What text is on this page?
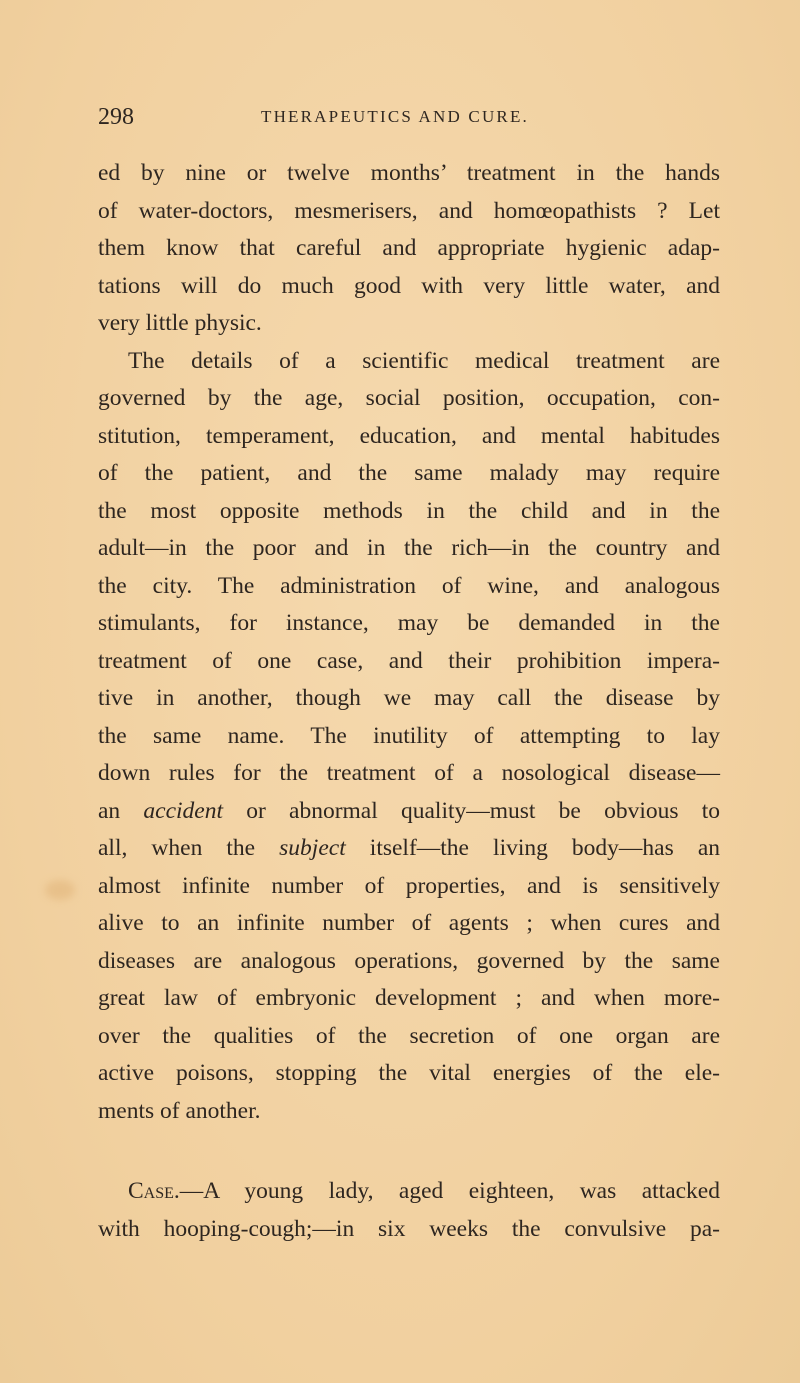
298	THERAPEUTICS AND CURE.
ed by nine or twelve months’ treatment in the hands
of water-doctors, mesmerisers, and homœopathists ? Let
them know that careful and appropriate hygienic adap-
tations will do much good with very little water, and
very little physic.
The details of a scientific medical treatment are
governed by the age, social position, occupation, con-
stitution, temperament, education, and mental habitudes
of the patient, and the same malady may require
the most opposite methods in the child and in the
adult—in the poor and in the rich—in the country and
the city. The administration of wine, and analogous
stimulants, for instance, may be demanded in the
treatment of one case, and their prohibition impera-
tive in another, though we may call the disease by
the same name. The inutility of attempting to lay
down rules for the treatment of a nosological disease—
an accident or abnormal quality—must be obvious to
all, when the subject itself—the living body—has an
almost infinite number of properties, and is sensitively
alive to an infinite number of agents ; when cures and
diseases are analogous operations, governed by the same
great law of embryonic development ; and when more-
over the qualities of the secretion of one organ are
active poisons, stopping the vital energies of the ele-
ments of another.
Case.—A young lady, aged eighteen, was attacked
with hooping-cough;—in six weeks the convulsive pa-
